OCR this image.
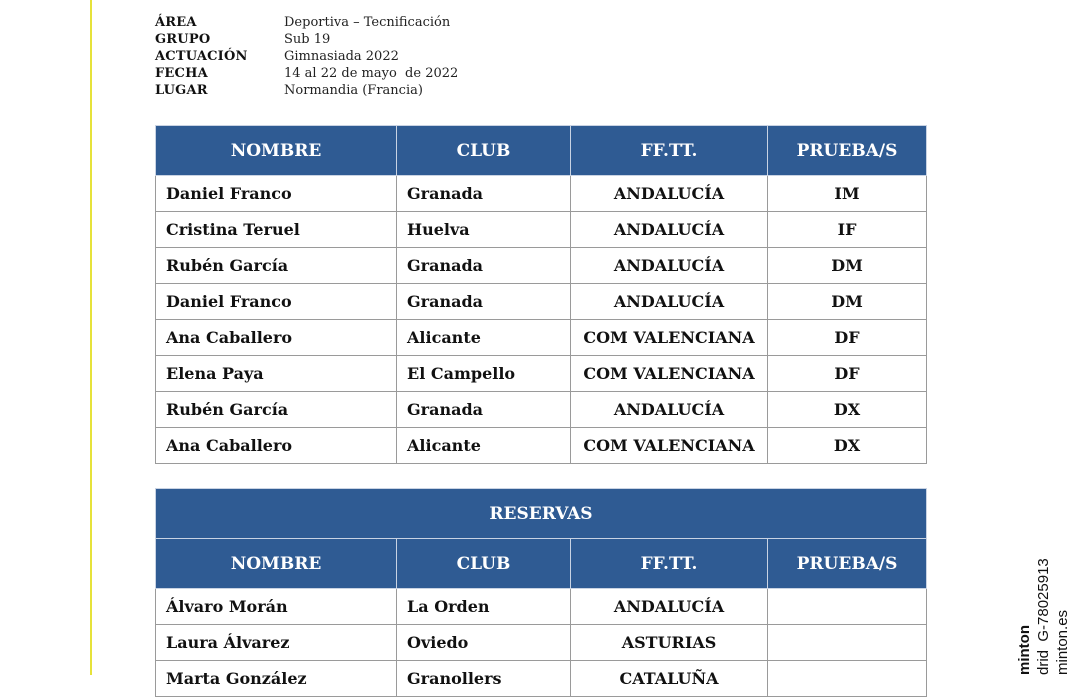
ÁREA	Deportiva – Tecnificación
GRUPO	Sub 19
ACTUACIÓN	Gimnasiada 2022
FECHA	14 al 22 de mayo  de 2022
LUGAR	Normandia (Francia)
NOMBRE	CLUB	FF.TT.	PRUEBA/S
Daniel Franco	Granada	ANDALUCÍA	IM
Cristina Teruel	Huelva	ANDALUCÍA	IF
Rubén García	Granada	ANDALUCÍA	DM
Daniel Franco	Granada	ANDALUCÍA	DM
Ana Caballero	Alicante	COM VALENCIANA	DF
Elena Paya	El Campello	COM VALENCIANA	DF
Rubén García	Granada	ANDALUCÍA	DX
Ana Caballero	Alicante	COM VALENCIANA	DX
RESERVAS			
NOMBRE	CLUB	FF.TT.	PRUEBA/S
Álvaro Morán	La Orden	ANDALUCÍA	
Laura Álvarez	Oviedo	ASTURIAS	
Marta González	Granollers	CATALUÑA	
minton drid  G-78025913 minton.es
